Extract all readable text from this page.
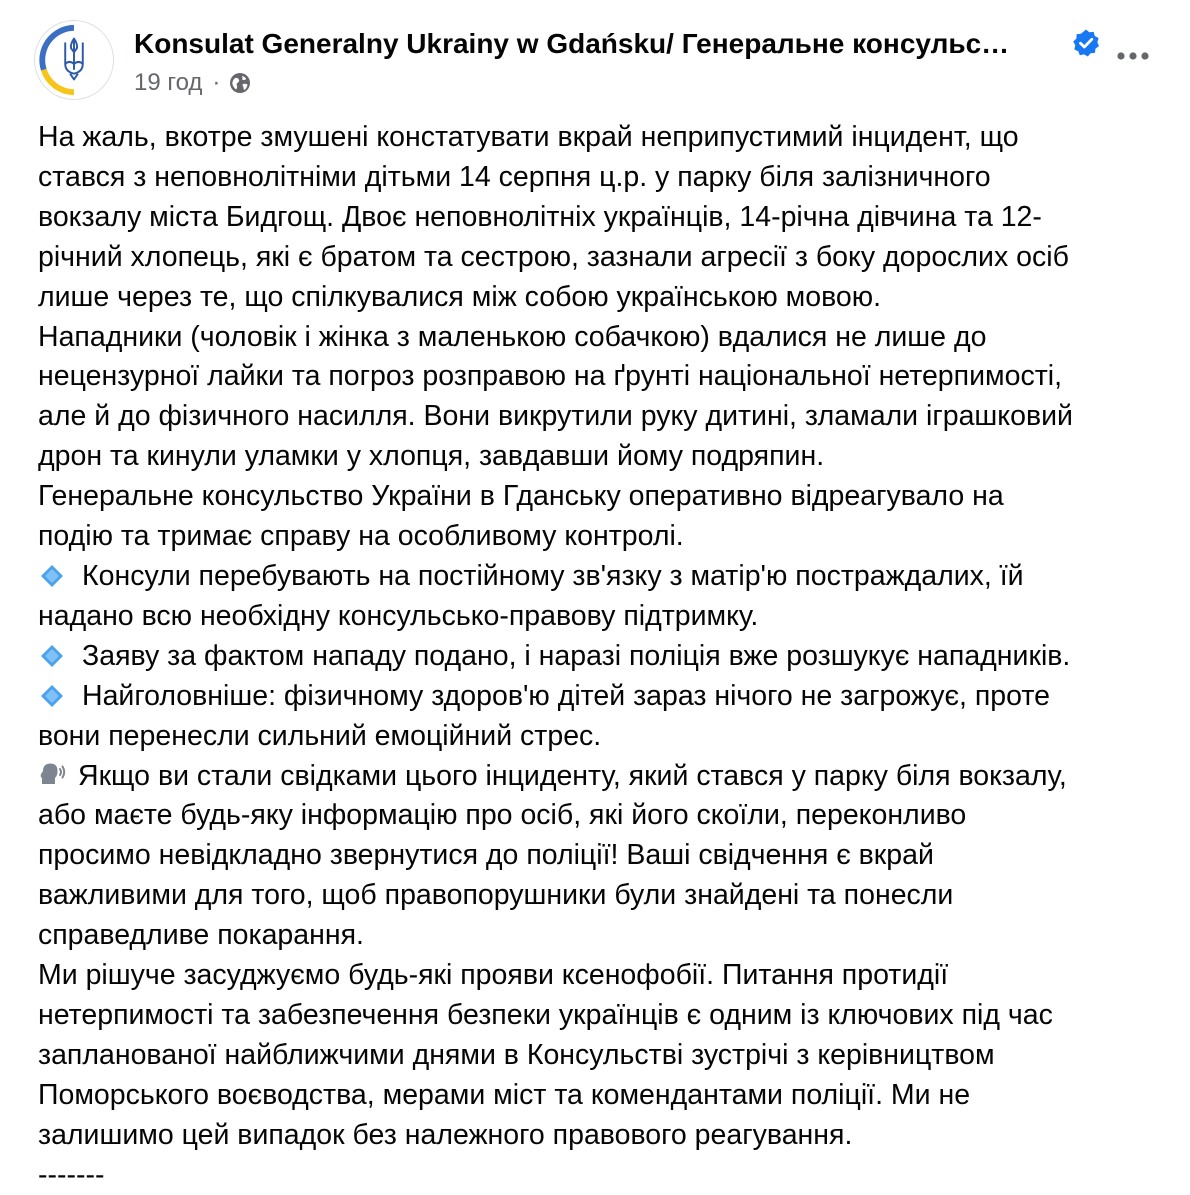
Konsulat Generalny Ukrainy w Gdańsku/ Генеральне консульс…
19 год ·

На жаль, вкотре змушені констатувати вкрай неприпустимий інцидент, що

стався з неповнолітніми дітьми 14 серпня ц.р. у парку біля залізничного

вокзалу міста Бидгощ. Двоє неповнолітніх українців, 14-річна дівчина та 12-

річний хлопець, які є братом та сестрою, зазнали агресії з боку дорослих осіб

лише через те, що спілкувалися між собою українською мовою.

Нападники (чоловік і жінка з маленькою собачкою) вдалися не лише до

нецензурної лайки та погроз розправою на ґрунті національної нетерпимості,

але й до фізичного насилля. Вони викрутили руку дитині, зламали іграшковий

дрон та кинули уламки у хлопця, завдавши йому подряпин.

Генеральне консульство України в Гданську оперативно відреагувало на

подію та тримає справу на особливому контролі.

Консули перебувають на постійному зв'язку з матір'ю постраждалих, їй

надано всю необхідну консульсько-правову підтримку.

Заяву за фактом нападу подано, і наразі поліція вже розшукує нападників.

Найголовніше: фізичному здоров'ю дітей зараз нічого не загрожує, проте

вони перенесли сильний емоційний стрес.

Якщо ви стали свідками цього інциденту, який стався у парку біля вокзалу,

або маєте будь-яку інформацію про осіб, які його скоїли, переконливо

просимо невідкладно звернутися до поліції! Ваші свідчення є вкрай

важливими для того, щоб правопорушники були знайдені та понесли

справедливе покарання.

Ми рішуче засуджуємо будь-які прояви ксенофобії. Питання протидії

нетерпимості та забезпечення безпеки українців є одним із ключових під час

запланованої найближчими днями в Консульстві зустрічі з керівництвом

Поморського воєводства, мерами міст та комендантами поліції. Ми не

залишимо цей випадок без належного правового реагування.

-------
